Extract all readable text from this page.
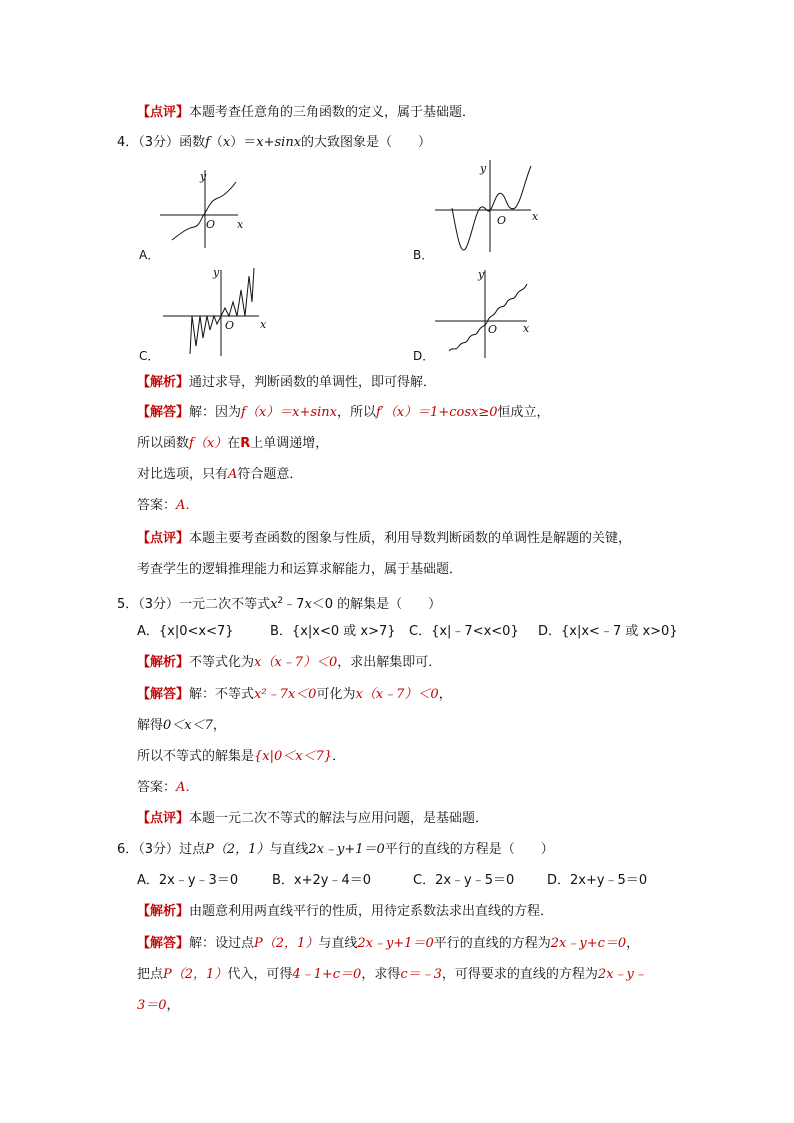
【点评】本题考查任意角的三角函数的定义，属于基础题．
4．（3分）函数f（x）＝x+sinx的大致图象是（　　）
O x
y
A．
O x
y
B．
O x
y
C．
O x
y
D．
【解析】通过求导，判断函数的单调性，即可得解．
【解答】解：因为f（x）＝x+sinx，所以f′（x）＝1+cosx≥0恒成立，
所以函数f（x）在R上单调递增，
对比选项，只有A符合题意．
答案：A．
【点评】本题主要考查函数的图象与性质，利用导数判断函数的单调性是解题的关键，
考查学生的逻辑推理能力和运算求解能力，属于基础题．
5．（3分）一元二次不等式$x^2﹣7x<0$ 的解集是（　　）
A．{x|0<x<7}	B．{x|x<0 或 x>7} C．{x|﹣7<x<0} D．{x|x<﹣7 或 x>0}
【解析】不等式化为x（x﹣7）＜0，求出解集即可．
【解答】解：不等式x²﹣7x＜0可化为x（x﹣7）＜0，
解得0＜x＜7，
所以不等式的解集是{x|0＜x＜7}．
答案：A．
【点评】本题一元二次不等式的解法与应用问题，是基础题．
6．（3分）过点P（2，1）与直线2x﹣y+1＝0平行的直线的方程是（　　）
A．2x﹣y﹣3＝0	B．x+2y﹣4＝0	C．2x﹣y﹣5＝0	D．2x+y﹣5＝0
【解析】由题意利用两直线平行的性质，用待定系数法求出直线的方程．
【解答】解：设过点P（2，1）与直线2x﹣y+1＝0平行的直线的方程为2x﹣y+c＝0，
把点P（2，1）代入，可得4﹣1+c＝0，求得c＝﹣3，可得要求的直线的方程为2x﹣y﹣
3＝0，
